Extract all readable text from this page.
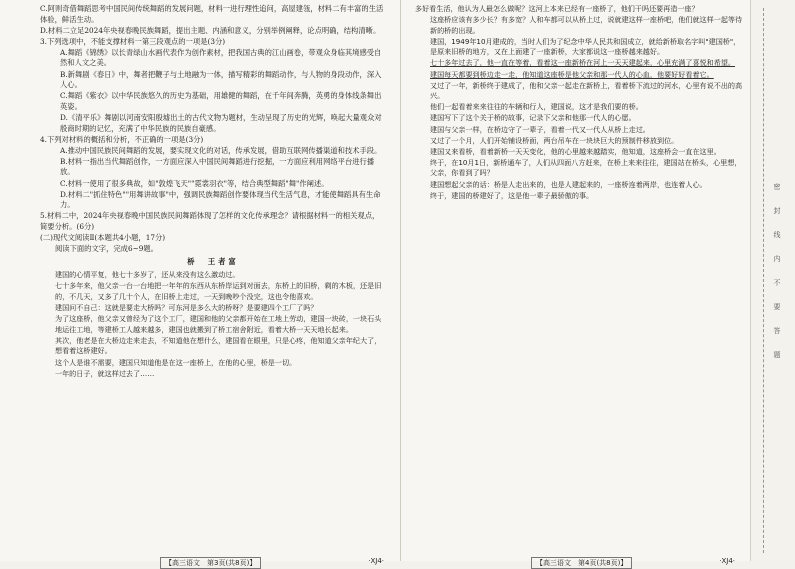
C.阿则奇借舞蹈思考中国民间传统舞蹈的发展问题，材料一进行理性追问，高屋建瓴，材料二有丰富的生活体验，鲜活生动。

D.材料二立足2024年央视春晚民族舞蹈，提出主题、内涵和意义，分别举例阐释，论点明确，结构清晰。

3.下列选项中，不能支撑材料一第三段观点的一项是(3分)

A.舞蹈《锦绣》以长青绿山水画代表作为创作素材，把我国古典的江山画卷，带观众身临其境感受自然和人文之美。

B.新舞剧《春日》中，舞者把鞭子与土地融为一体，描写精彩的舞蹈动作，与人物的身段动作，深入人心。

C.舞蹈《紫衣》以中华民族悠久的历史为基础，用雄健的舞蹈，在千年间奔腾，英勇的身体线条舞出英姿。

D.《清平乐》舞剧以河南安阳殷墟出土的古代文物为题材，生动呈现了历史的光辉，唤起大量观众对殷商时期的记忆，充满了中华民族的民族自豪感。

4.下列对材料的概括和分析，不正确的一项是(3分)

A.推动中国民族民间舞蹈的发展，要实现文化的对话，传承发展，借助互联网传播渠道和技术手段。

B.材料一指出当代舞蹈创作，一方面应深入中国民间舞蹈进行挖掘，一方面应利用网络平台进行播放。

C.材料一使用了很多典故，如"敦煌飞天""霓裳羽衣"等，结合典型舞蹈"舞"作阐述。

D.材料二"抓住特色""用舞讲故事"中，强调民族舞蹈创作要体现当代生活气息，才能使舞蹈具有生命力。

5.材料二中，2024年央视春晚中国民族民间舞蹈体现了怎样的文化传承理念？请根据材料一的相关观点，简要分析。(6分)

(二)现代文阅读Ⅱ(本题共4小题，17分)

阅读下面的文字，完成6~9题。

桥　王者富

建国的心情平复，他七十多岁了，还从来没有这么激动过。

七十多年来，他父亲一台一台地把一年年的东西从东桥岸运到对面去，东桥上的旧桥，剩的木板，还是旧的，不几天，又多了几十个人，在旧桥上走过，一天到晚吵个没完，这也令他喜欢。

建国问不自己：这就是要走大桥吗？可东河是多么大的桥呀？是要建四个工厂了吗？

为了这座桥，他父亲又曾经为了这个工厂，建国和他的父亲都开始在工地上劳动，建国一块砖，一块石头地运往工地，等建桥工人越来越多，建国也就搬到了桥工宿舍附近，看着大桥一天天地长起来。

其次，他老是在大桥边走来走去，不知道他在想什么，建国看在眼里，只是心疼，他知道父亲年纪大了，想看着这桥建好。

这个人是谁不需要，建国只知道他是在这一座桥上，在他的心里，桥是一切。

一年的日子，就这样过去了……

【高三语文　第3页(共8页)】	·XJ4·

多好看生活，他认为人最怎么做呢？这河上本来已经有一座桥了，他们干吗还要再造一座？

这座桥应该有多少长？有多宽？人和车都可以从桥上过，说就建这样一座桥吧，他们就这样一起等待新的桥的出现。

建国，1949年10月建成的，当时人们为了纪念中华人民共和国成立，就给新桥取名字叫"建国桥"，是原来旧桥的地方，又在上面建了一座新桥，大家都说这一座桥越来越好。

七十多年过去了，他一直在等着，看着这一座新桥在河上一天天建起来，心里充满了喜悦和希望。

建国每天都要到桥边走一走，他知道这座桥是他父亲和那一代人的心血，他要好好看着它。

又过了一年，新桥终于建成了，他和父亲一起走在新桥上，看着桥下流过的河水，心里有说不出的高兴。

他们一起看着来来往往的车辆和行人，建国说，这才是我们要的桥。

建国写下了这个关于桥的故事，记录下父亲和他那一代人的心愿。

建国与父亲一样，在桥边守了一辈子，看着一代又一代人从桥上走过。

又过了一个月，人们开始铺设桥面，两台吊车在一块块巨大的预制件移放到位。

建国又来看桥，看着新桥一天天变化，他的心里越来越踏实，他知道，这座桥会一直在这里。

终于，在10月1日，新桥通车了，人们从四面八方赶来，在桥上来来往往，建国站在桥头，心里想，父亲，你看到了吗？

建国想起父亲的话：桥是人走出来的，也是人建起来的，一座桥连着两岸，也连着人心。

终于，建国的桥建好了，这是他一辈子最骄傲的事。

【高三语文　第4页(共8页)】	·XJ4·
密封线内不要答题
